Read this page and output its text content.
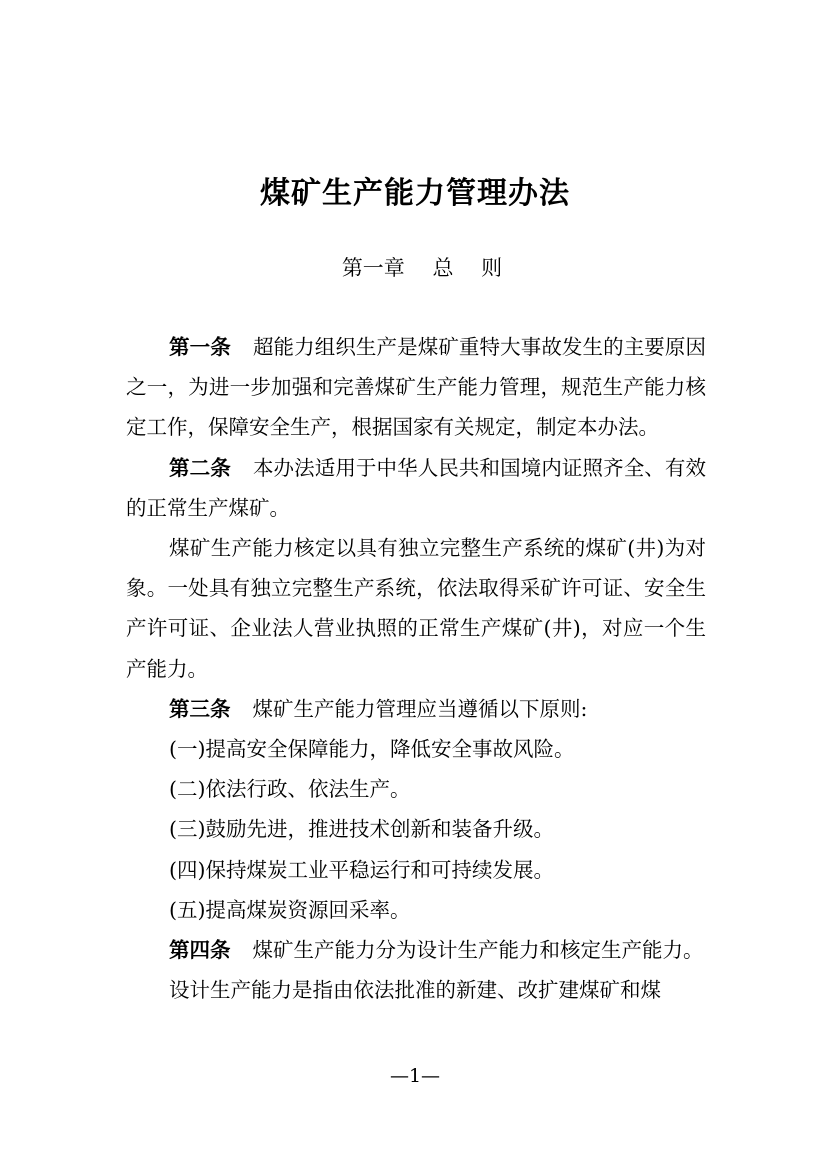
煤矿生产能力管理办法
第一章　 总　 则

第一条 超能力组织生产是煤矿重特大事故发生的主要原因之一，为进一步加强和完善煤矿生产能力管理，规范生产能力核定工作，保障安全生产，根据国家有关规定，制定本办法。

第二条 本办法适用于中华人民共和国境内证照齐全、有效的正常生产煤矿。

煤矿生产能力核定以具有独立完整生产系统的煤矿(井)为对象。一处具有独立完整生产系统，依法取得采矿许可证、安全生产许可证、企业法人营业执照的正常生产煤矿(井)，对应一个生产能力。

第三条 煤矿生产能力管理应当遵循以下原则:

(一)提高安全保障能力，降低安全事故风险。

(二)依法行政、依法生产。

(三)鼓励先进，推进技术创新和装备升级。

(四)保持煤炭工业平稳运行和可持续发展。

(五)提高煤炭资源回采率。

第四条 煤矿生产能力分为设计生产能力和核定生产能力。

设计生产能力是指由依法批准的新建、改扩建煤矿和煤

—1—
